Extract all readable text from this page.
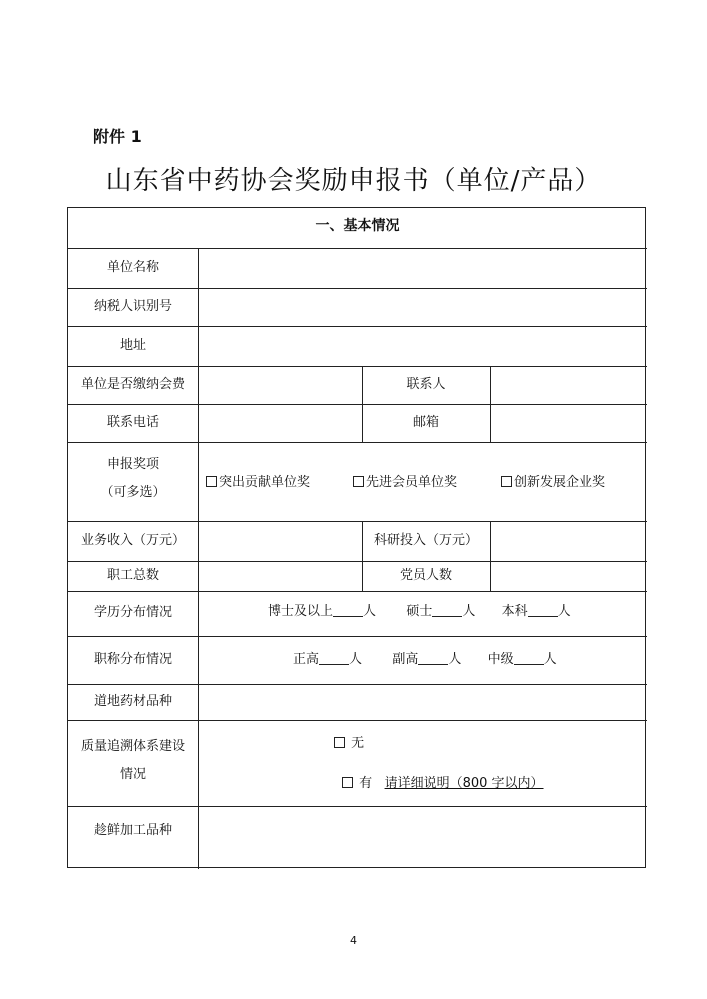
附件 1
山东省中药协会奖励申报书（单位/产品）
一、基本情况
单位名称
纳税人识别号
地址
单位是否缴纳会费
联系电话
申报奖项
（可多选）
业务收入（万元）
职工总数
学历分布情况
职称分布情况
道地药材品种
质量追溯体系建设
情况
趁鲜加工品种
联系人
邮箱
科研投入（万元）
党员人数
突出贡献单位奖	先进会员单位奖	创新发展企业奖
博士及以上 人 硕士 人 本科 人
正高 人 副高 人 中级 人
无
有 请详细说明（800 字以内）
4
